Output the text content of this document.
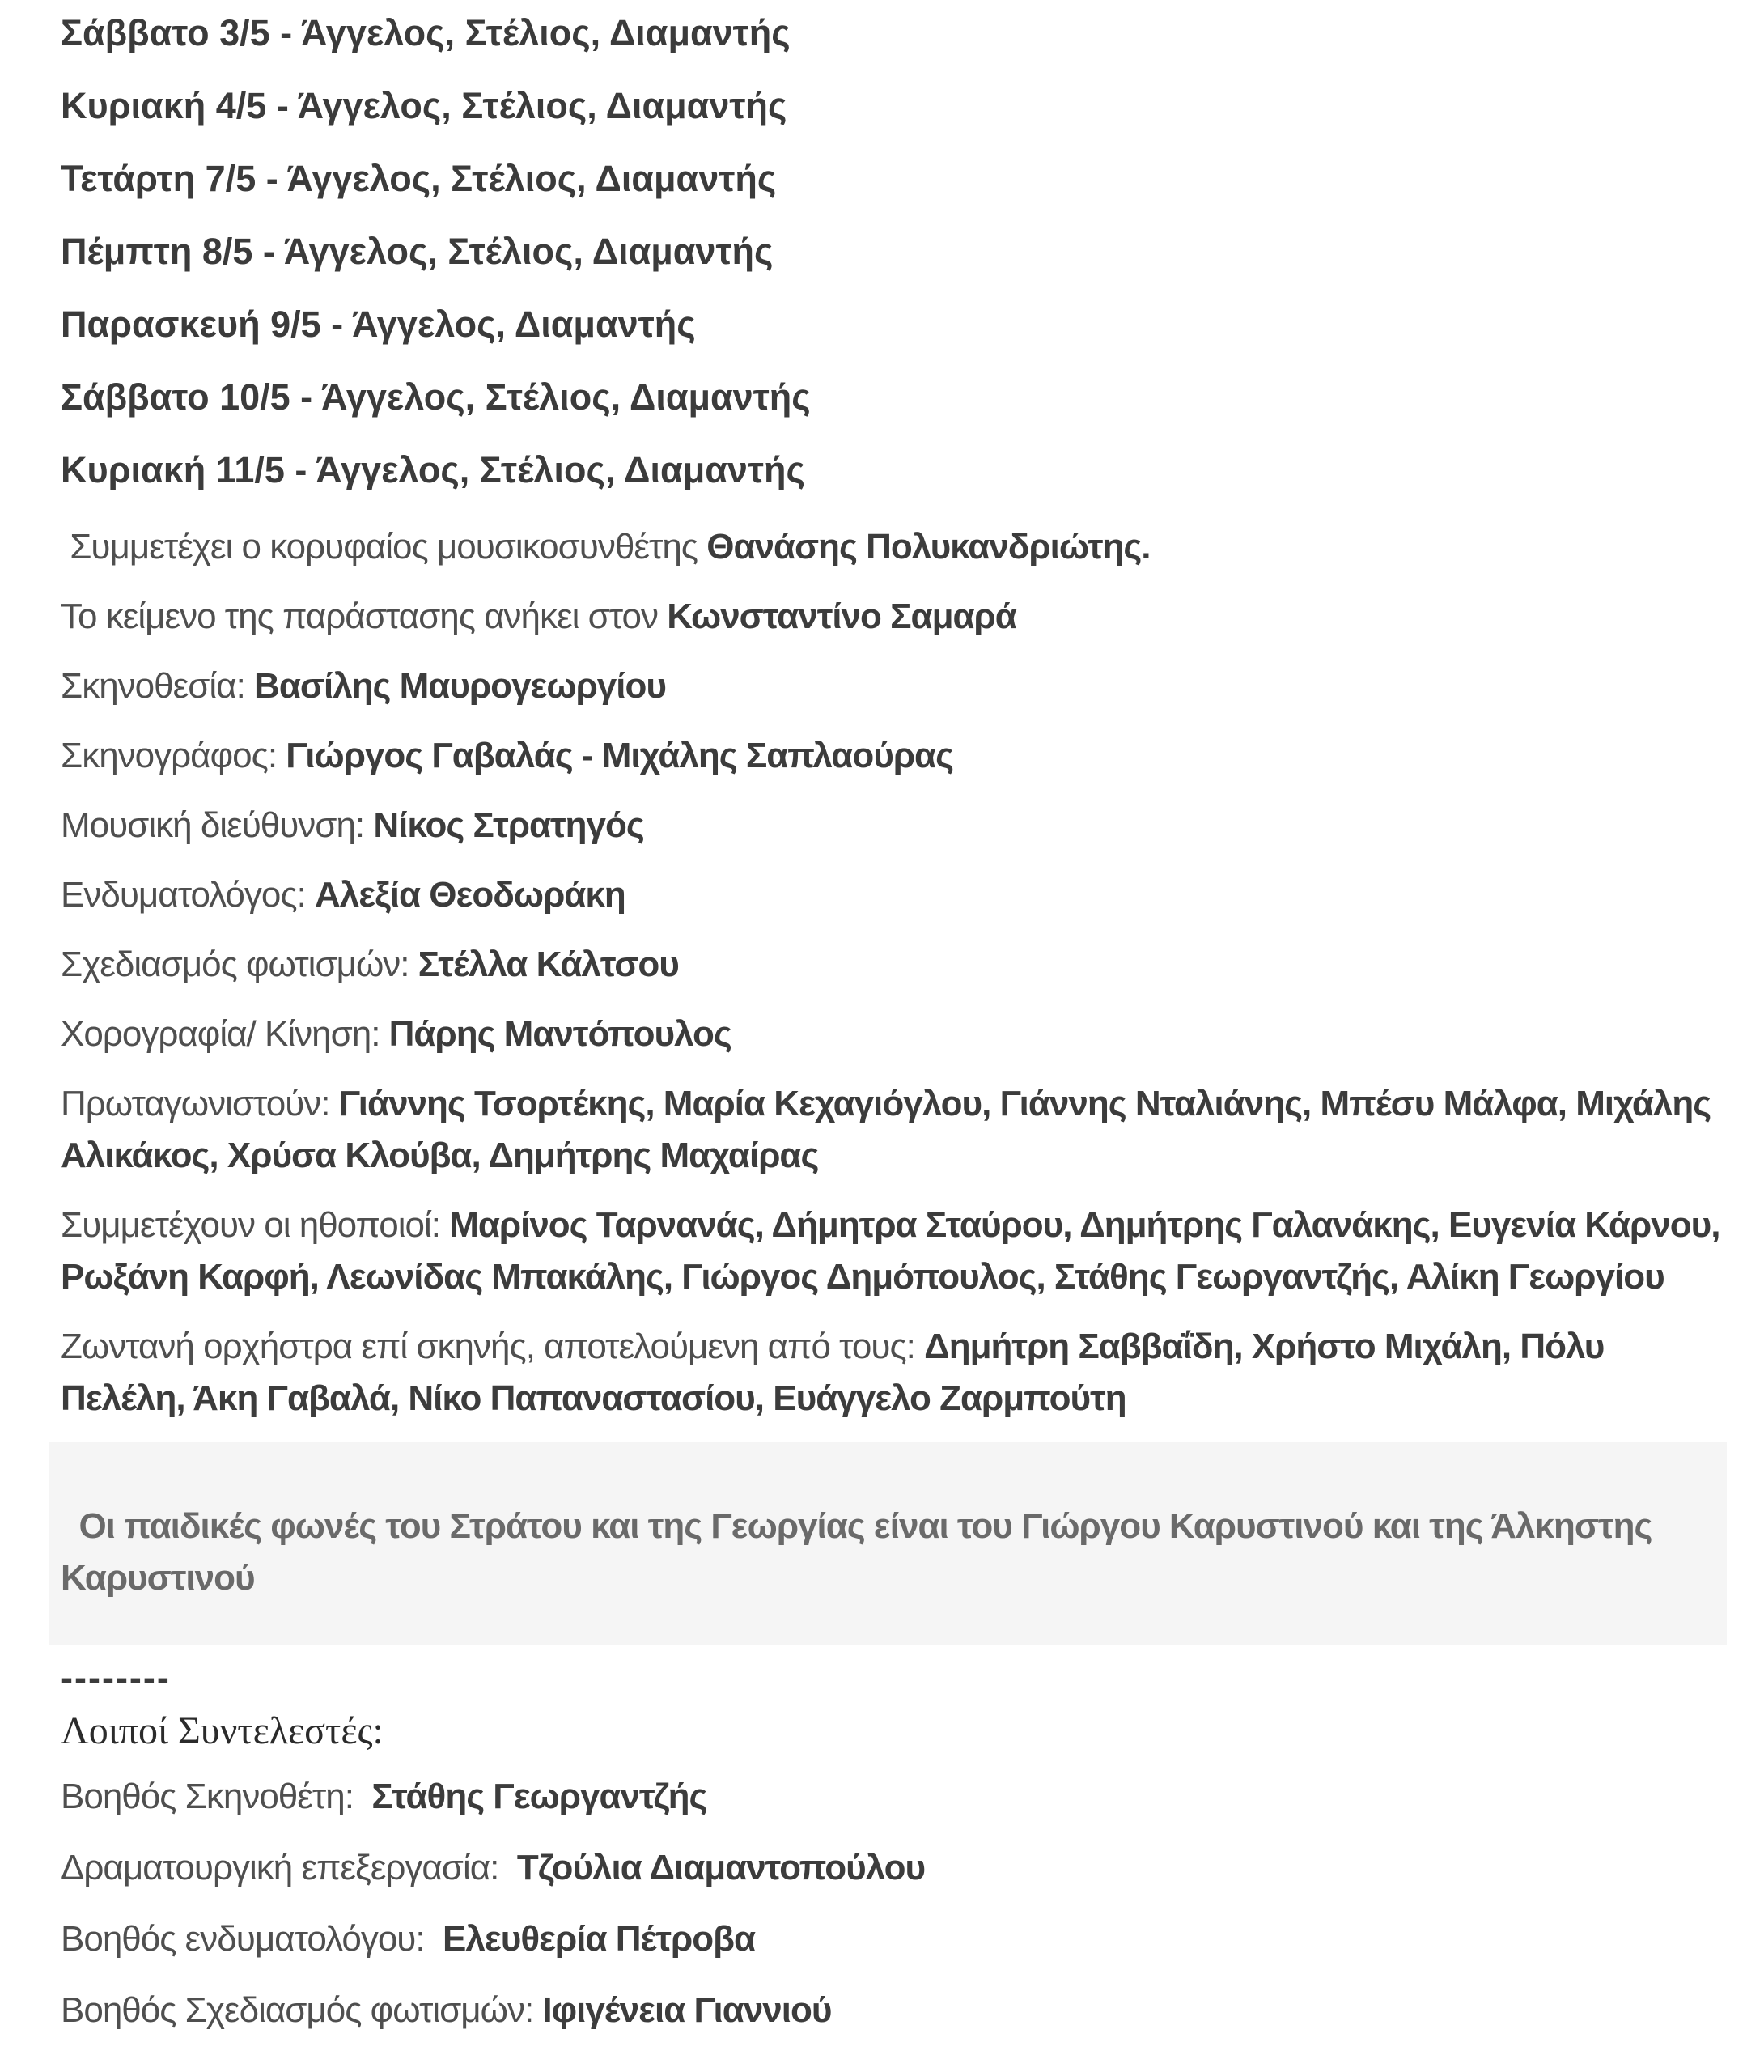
Σάββατο 3/5 - Άγγελος, Στέλιος, Διαμαντής

Κυριακή 4/5 - Άγγελος, Στέλιος, Διαμαντής

Τετάρτη 7/5 - Άγγελος, Στέλιος, Διαμαντής

Πέμπτη 8/5 - Άγγελος, Στέλιος, Διαμαντής

Παρασκευή 9/5 - Άγγελος, Διαμαντής

Σάββατο 10/5 - Άγγελος, Στέλιος, Διαμαντής

Κυριακή 11/5 - Άγγελος, Στέλιος, Διαμαντής

Συμμετέχει ο κορυφαίος μουσικοσυνθέτης Θανάσης Πολυκανδριώτης.

Το κείμενο της παράστασης ανήκει στον Κωνσταντίνο Σαμαρά

Σκηνοθεσία: Βασίλης Μαυρογεωργίου

Σκηνογράφος: Γιώργος Γαβαλάς - Μιχάλης Σαπλαούρας

Μουσική διεύθυνση: Νίκος Στρατηγός

Ενδυματολόγος: Αλεξία Θεοδωράκη

Σχεδιασμός φωτισμών: Στέλλα Κάλτσου

Χορογραφία/ Κίνηση: Πάρης Μαντόπουλος

Πρωταγωνιστούν: Γιάννης Τσορτέκης, Μαρία Κεχαγιόγλου, Γιάννης Νταλιάνης, Μπέσυ Μάλφα, Μιχάλης Αλικάκος, Χρύσα Κλούβα, Δημήτρης Μαχαίρας

Συμμετέχουν οι ηθοποιοί: Μαρίνος Ταρνανάς, Δήμητρα Σταύρου, Δημήτρης Γαλανάκης, Ευγενία Κάρνου, Ρωξάνη Καρφή, Λεωνίδας Μπακάλης, Γιώργος Δημόπουλος, Στάθης Γεωργαντζής, Αλίκη Γεωργίου

Ζωντανή ορχήστρα επί σκηνής, αποτελούμενη από τους: Δημήτρη Σαββαΐδη, Χρήστο Μιχάλη, Πόλυ Πελέλη, Άκη Γαβαλά, Νίκο Παπαναστασίου, Ευάγγελο Ζαρμπούτη

Οι παιδικές φωνές του Στράτου και της Γεωργίας είναι του Γιώργου Καρυστινού και της Άλκηστης Καρυστινού

--------

Λοιποί Συντελεστές:

Βοηθός Σκηνοθέτη:  Στάθης Γεωργαντζής

Δραματουργική επεξεργασία:  Τζούλια Διαμαντοπούλου

Βοηθός ενδυματολόγου:  Ελευθερία Πέτροβα

Βοηθός Σχεδιασμός φωτισμών: Ιφιγένεια Γιαννιού
